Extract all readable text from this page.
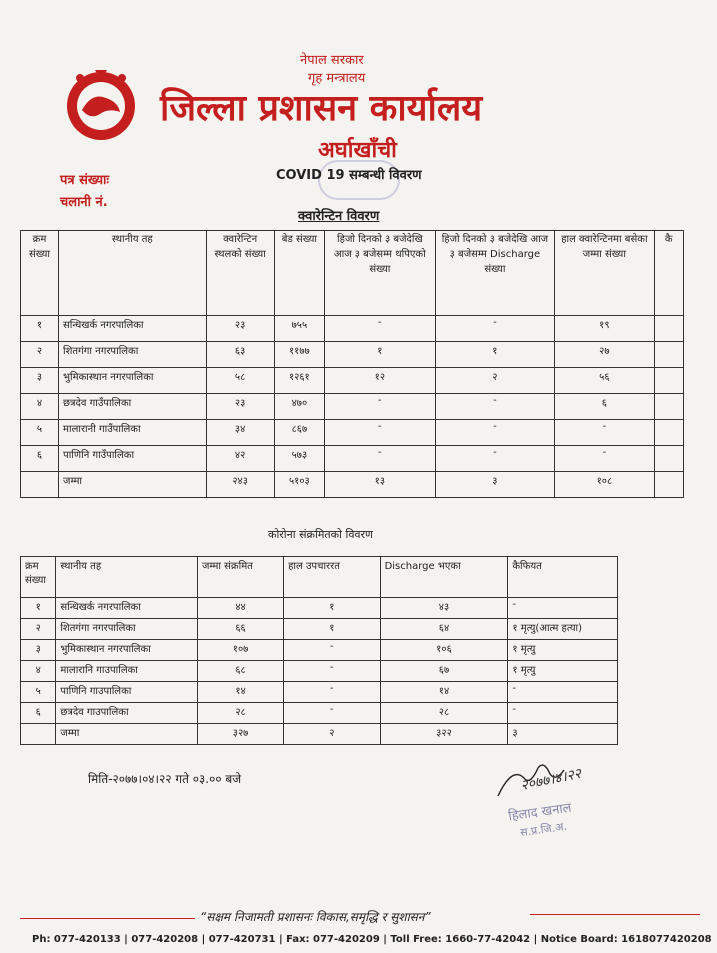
नेपाल सरकार
गृह मन्त्रालय
जिल्ला प्रशासन कार्यालय
अर्घाखाँची
COVID 19 सम्बन्धी विवरण
पत्र संख्याः
चलानी नं.
क्वारेन्टिन विवरण
क्रम संख्या	स्थानीय तह	क्वारेन्टिन स्थलको संख्या	बेड संख्या	हिजो दिनको ३ बजेदेखि आज ३ बजेसम्म थपिएको संख्या	हिजो दिनको ३ बजेदेखि आज ३ बजेसम्म Discharge संख्या	हाल क्वारेन्टिनमा बसेका जम्मा संख्या	कै
१	सन्धिखर्क नगरपालिका	२३	७५५	-	-	१९	
२	शितगंगा नगरपालिका	६३	११७७	१	१	२७	
३	भुमिकास्थान नगरपालिका	५८	१२६१	१२	२	५६	
४	छत्रदेव गाउँपालिका	२३	४७०	-	-	६	
५	मालारानी गाउँपालिका	३४	८६७	-	-	-	
६	पाणिनि गाउँपालिका	४२	५७३	-	-	-	
	जम्मा	२४३	५१०३	१३	३	१०८	
कोरोना संक्रमितको विवरण
क्रम संख्या	स्थानीय तह	जम्मा संक्रमित	हाल उपचाररत	Discharge भएका	कैफियत
१	सन्धिखर्क नगरपालिका	४४	१	४३	-
२	शितगंगा नगरपालिका	६६	१	६४	१ मृत्यु(आत्म हत्या)
३	भुमिकास्थान नगरपालिका	१०७	-	१०६	१ मृत्यु
४	मालारानि गाउपालिका	६८	-	६७	१ मृत्यु
५	पाणिनि गाउपालिका	१४	-	१४	-
६	छत्रदेव गाउपालिका	२८	-	२८	-
	जम्मा	३२७	२	३२२	३
मिति-२०७७।०४।२२ गते ०३.०० बजे	२०७७।४।२२
हिलाद खनाल
स.प्र.जि.अ.
“सक्षम निजामती प्रशासनः विकास,समृद्धि र सुशासन”
Ph: 077-420133 | 077-420208 | 077-420731 | Fax: 077-420209 | Toll Free: 1660-77-42042 | Notice Board: 1618077420208
